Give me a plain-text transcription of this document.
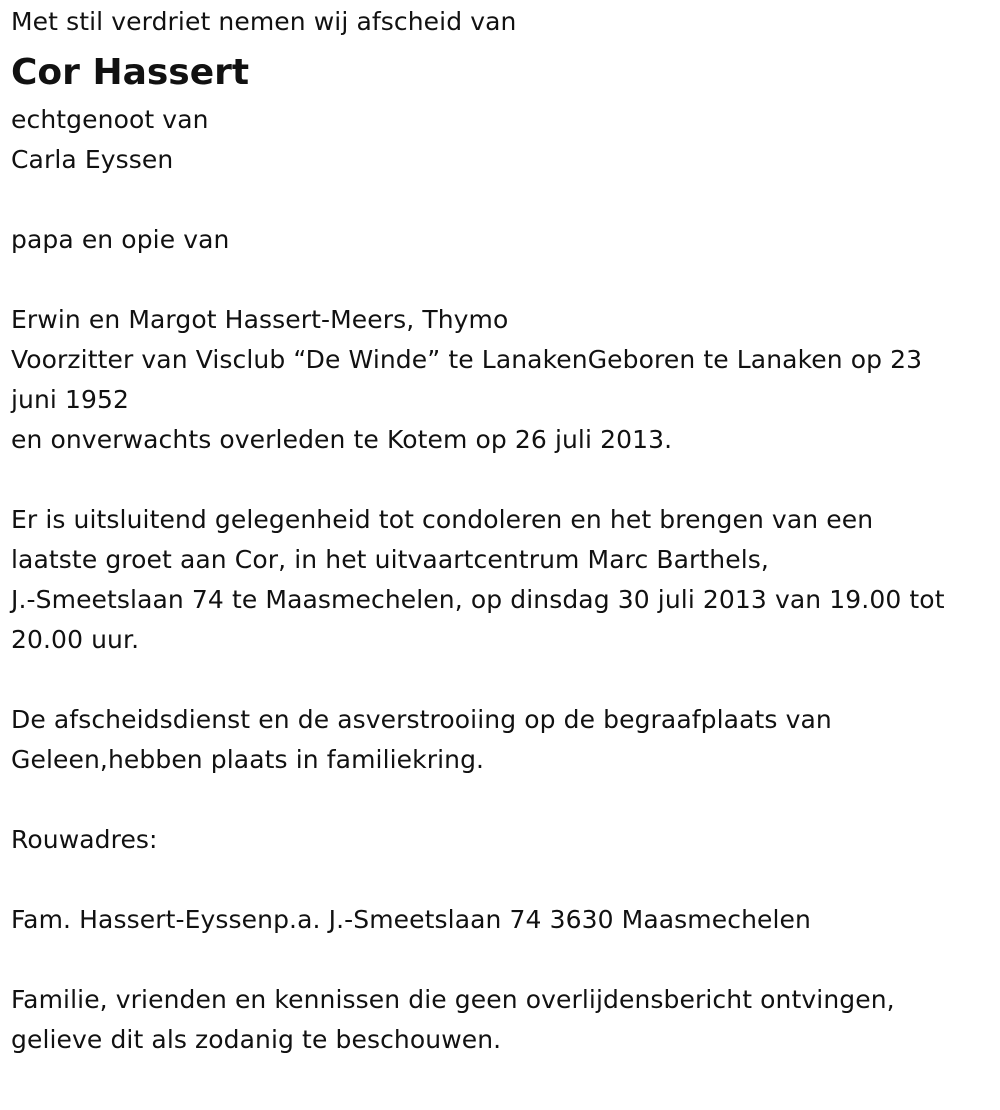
Met stil verdriet nemen wij afscheid van
Cor Hassert
echtgenoot van
Carla Eyssen
papa en opie van
Erwin en Margot Hassert-Meers, Thymo
Voorzitter van Visclub “De Winde” te LanakenGeboren te Lanaken op 23
juni 1952
en onverwachts overleden te Kotem op 26 juli 2013.
Er is uitsluitend gelegenheid tot condoleren en het brengen van een
laatste groet aan Cor, in het uitvaartcentrum Marc Barthels,
J.-Smeetslaan 74 te Maasmechelen, op dinsdag 30 juli 2013 van 19.00 tot
20.00 uur.
De afscheidsdienst en de asverstrooiing op de begraafplaats van
Geleen,hebben plaats in familiekring.
Rouwadres:
Fam. Hassert-Eyssenp.a. J.-Smeetslaan 74 3630 Maasmechelen
Familie, vrienden en kennissen die geen overlijdensbericht ontvingen,
gelieve dit als zodanig te beschouwen.
